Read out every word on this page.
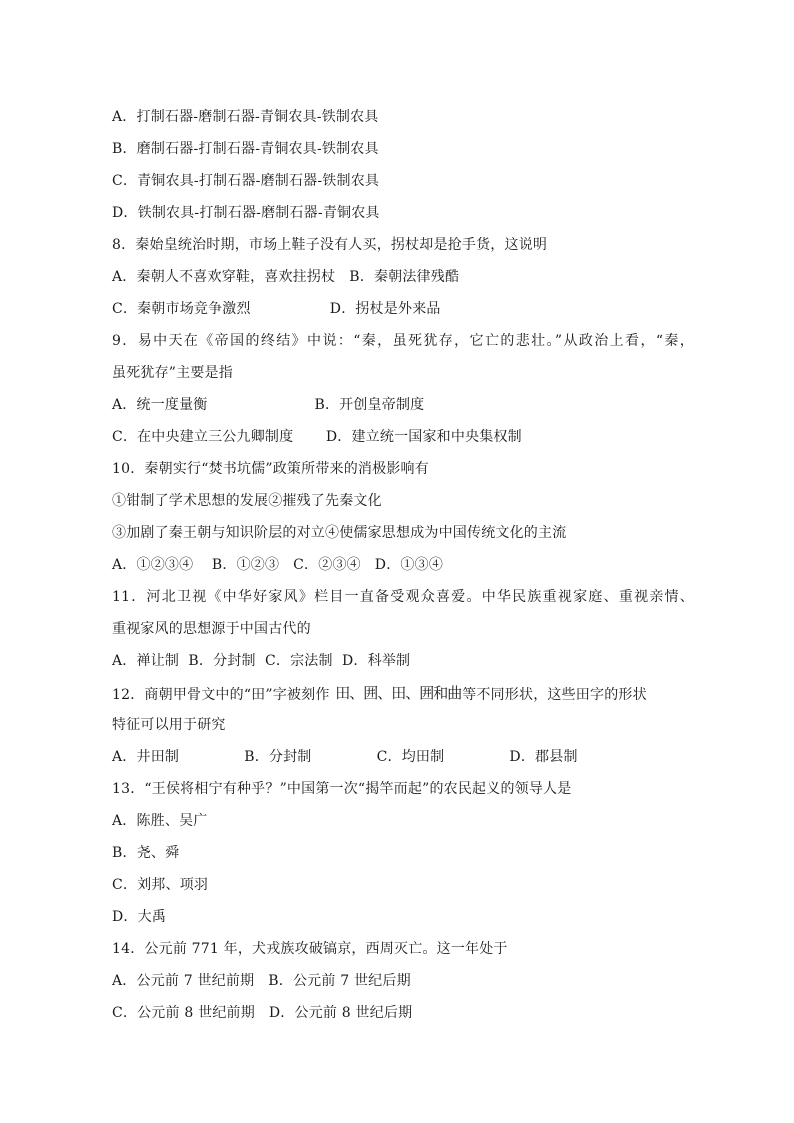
A．打制石器-磨制石器-青铜农具-铁制农具
B．磨制石器-打制石器-青铜农具-铁制农具
C．青铜农具-打制石器-磨制石器-铁制农具
D．铁制农具-打制石器-磨制石器-青铜农具
8．秦始皇统治时期，市场上鞋子没有人买，拐杖却是抢手货，这说明
A．秦朝人不喜欢穿鞋，喜欢拄拐杖   B．秦朝法律残酷
C．秦朝市场竞争激烈                 D．拐杖是外来品
9．易中天在《帝国的终结》中说：“秦，虽死犹存，它亡的悲壮。”从政治上看，“秦，
虽死犹存”主要是指
A．统一度量衡                       B．开创皇帝制度
C．在中央建立三公九卿制度       D．建立统一国家和中央集权制
10．秦朝实行“焚书坑儒”政策所带来的消极影响有
①钳制了学术思想的发展②摧残了先秦文化
③加剧了秦王朝与知识阶层的对立④使儒家思想成为中国传统文化的主流
A．①②③④    B．①②③   C．②③④   D．①③④
11．河北卫视《中华好家风》栏目一直备受观众喜爱。中华民族重视家庭、重视亲情、
重视家风的思想源于中国古代的
A．禅让制  B．分封制  C．宗法制  D．科举制
12．商朝甲骨文中的“田”字被刻作 田、囲、田、囲和曲等不同形状，这些田字的形状
特征可以用于研究
A．井田制              B．分封制              C．均田制              D．郡县制
13．“王侯将相宁有种乎？”中国第一次“揭竿而起”的农民起义的领导人是
A．陈胜、吴广
B．尧、舜
C．刘邦、项羽
D．大禹
14．公元前 771 年，犬戎族攻破镐京，西周灭亡。这一年处于
A．公元前 7 世纪前期   B．公元前 7 世纪后期
C．公元前 8 世纪前期   D．公元前 8 世纪后期
